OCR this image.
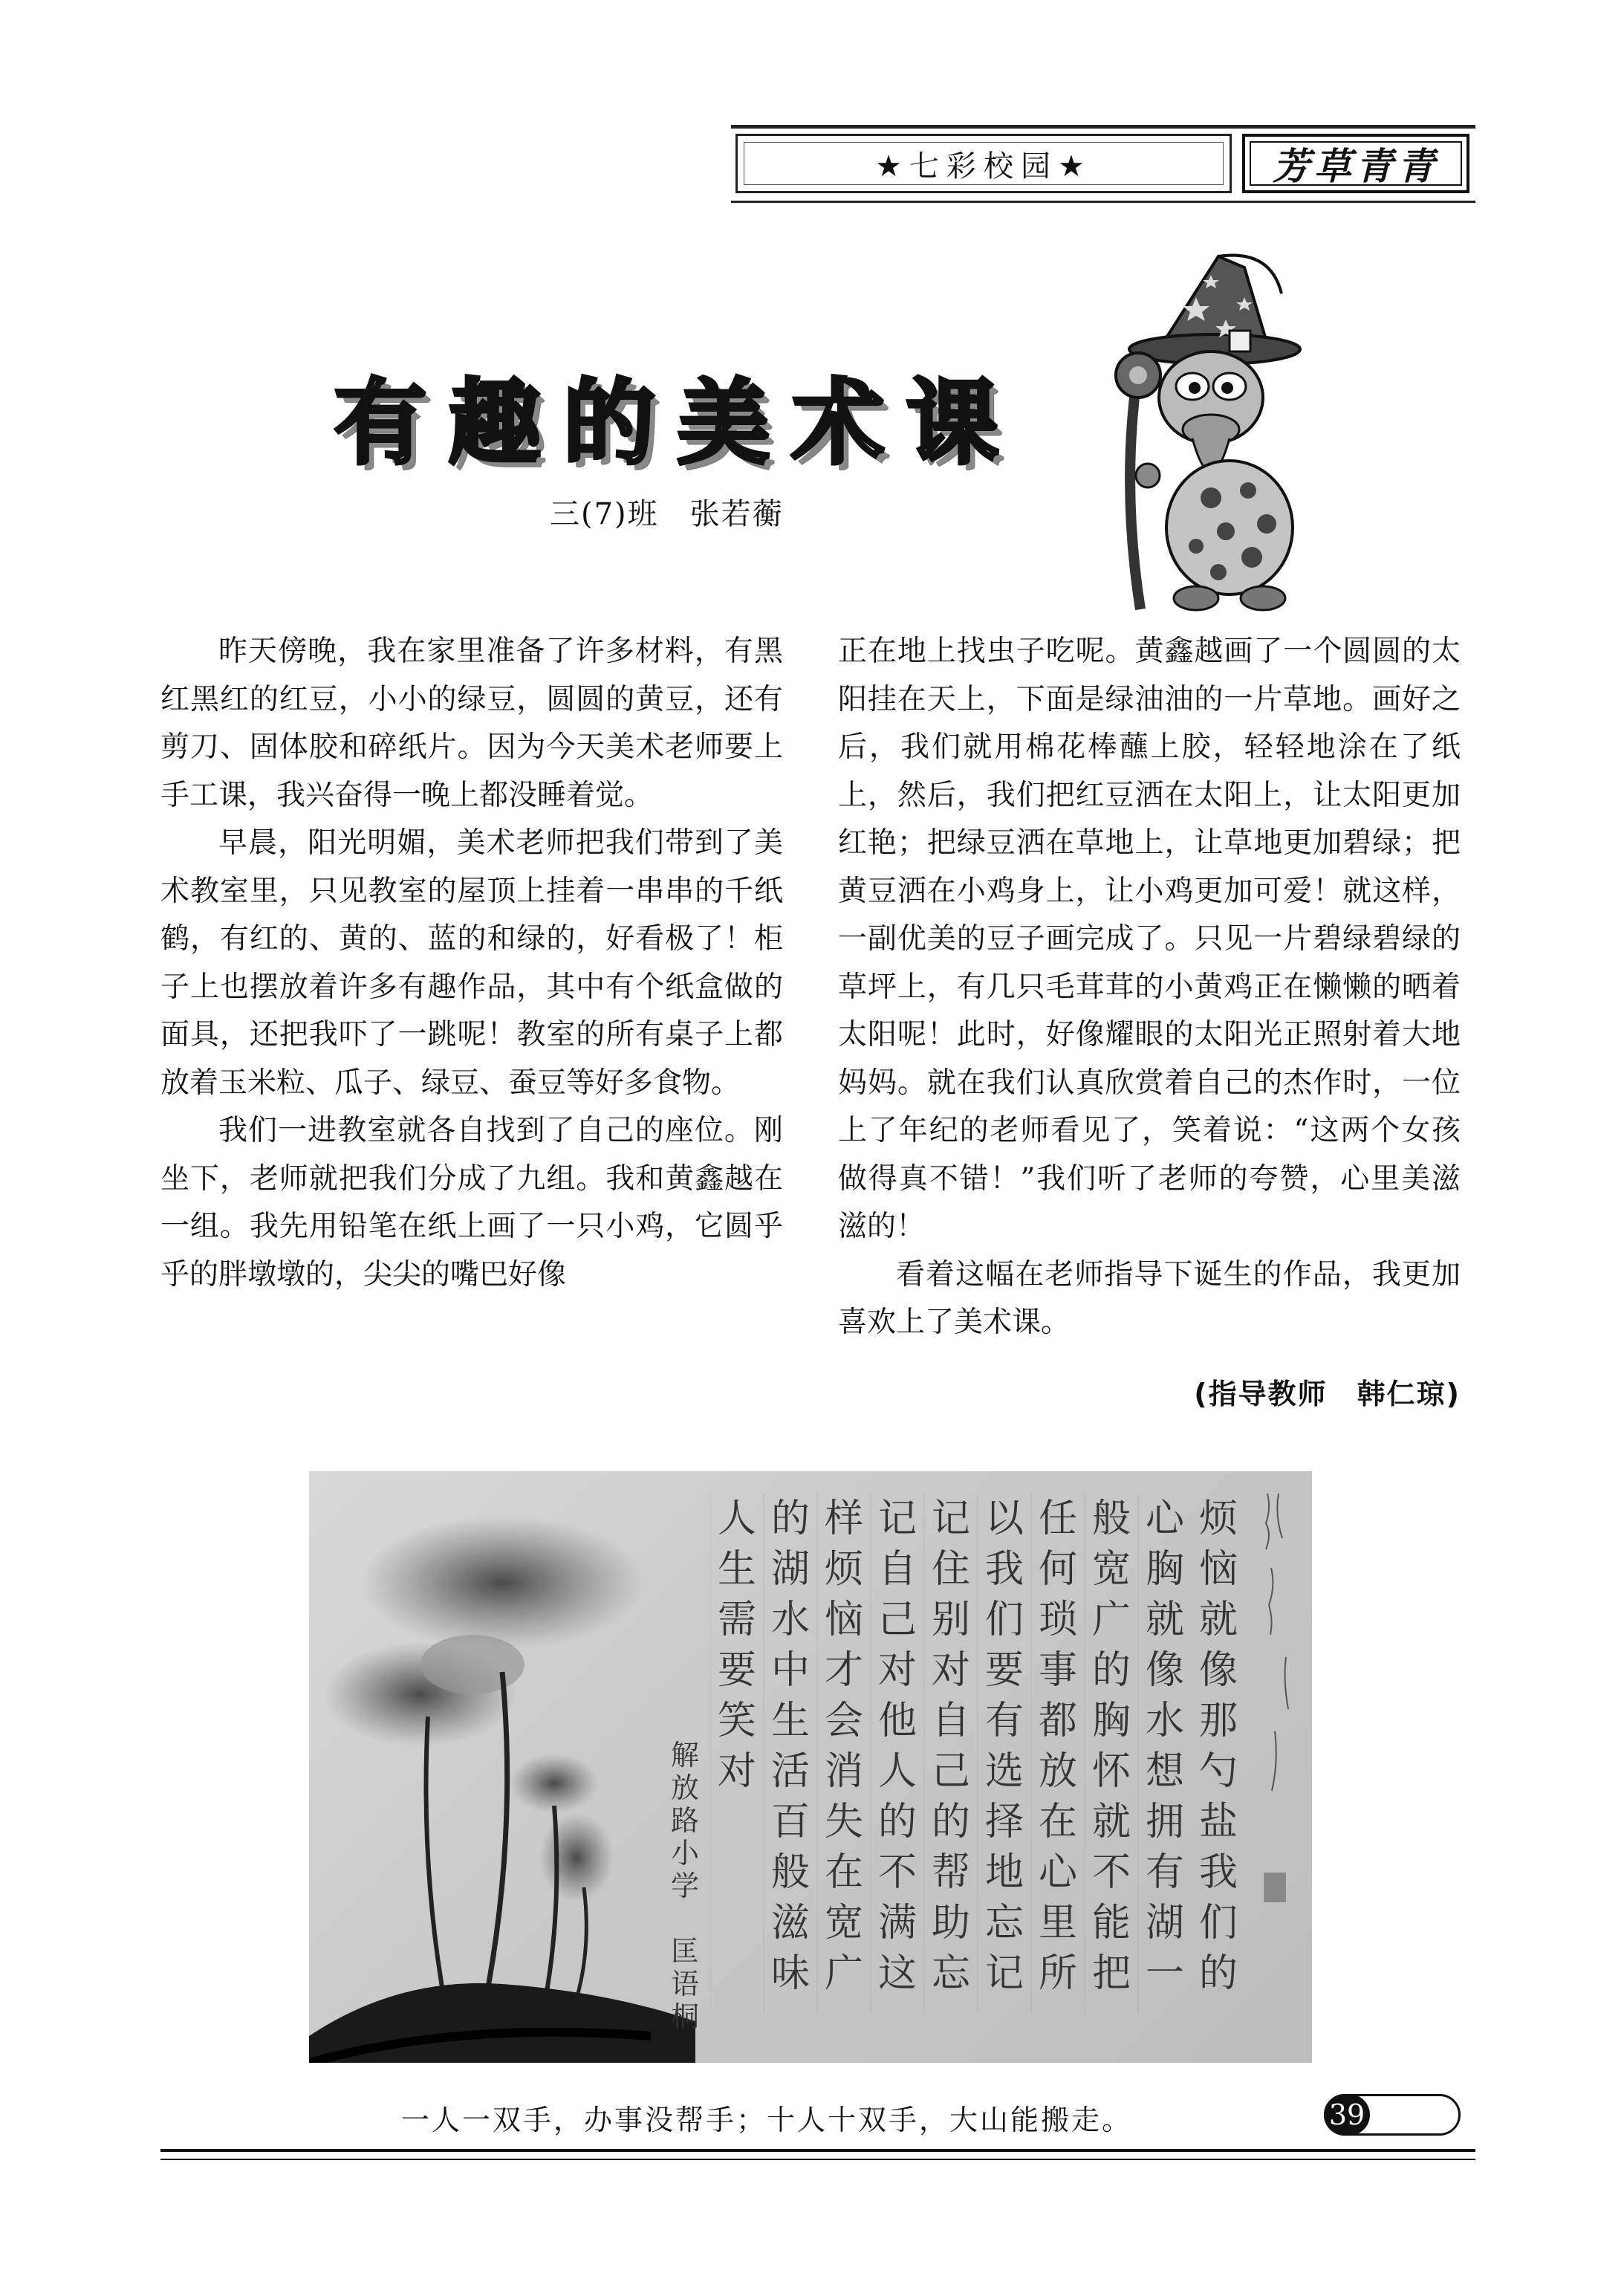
★七彩校园★	芳草青青
有趣的美术课
三(7)班　张若蘅

昨天傍晚，我在家里准备了许多材料，有黑红黑红的红豆，小小的绿豆，圆圆的黄豆，还有剪刀、固体胶和碎纸片。因为今天美术老师要上手工课，我兴奋得一晚上都没睡着觉。

早晨，阳光明媚，美术老师把我们带到了美术教室里，只见教室的屋顶上挂着一串串的千纸鹤，有红的、黄的、蓝的和绿的，好看极了！柜子上也摆放着许多有趣作品，其中有个纸盒做的面具，还把我吓了一跳呢！教室的所有桌子上都放着玉米粒、瓜子、绿豆、蚕豆等好多食物。

我们一进教室就各自找到了自己的座位。刚坐下，老师就把我们分成了九组。我和黄鑫越在一组。我先用铅笔在纸上画了一只小鸡，它圆乎乎的胖墩墩的，尖尖的嘴巴好像

正在地上找虫子吃呢。黄鑫越画了一个圆圆的太阳挂在天上，下面是绿油油的一片草地。画好之后，我们就用棉花棒蘸上胶，轻轻地涂在了纸上，然后，我们把红豆洒在太阳上，让太阳更加红艳；把绿豆洒在草地上，让草地更加碧绿；把黄豆洒在小鸡身上，让小鸡更加可爱！就这样，一副优美的豆子画完成了。只见一片碧绿碧绿的草坪上，有几只毛茸茸的小黄鸡正在懒懒的晒着太阳呢！此时，好像耀眼的太阳光正照射着大地妈妈。就在我们认真欣赏着自己的杰作时，一位上了年纪的老师看见了，笑着说：“这两个女孩做得真不错！”我们听了老师的夸赞，心里美滋滋的！

看着这幅在老师指导下诞生的作品，我更加喜欢上了美术课。

(指导教师　韩仁琼)
烦
恼
就
像
那
勺
盐
我
们
的
心
胸
就
像
水
想
拥
有
湖
一
般
宽
广
的
胸
怀
就
不
能
把
任
何
琐
事
都
放
在
心
里
所
以
我
们
要
有
选
择
地
忘
记
记
住
别
对
自
己
的
帮
助
忘
记
自
己
对
他
人
的
不
满
这
样
烦
恼
才
会
消
失
在
宽
广
的
湖
水
中
生
活
百
般
滋
味
人
生
需
要
笑
对
解
放
路
小
学

匡
语
桐
一人一双手，办事没帮手；十人十双手，大山能搬走。	39
